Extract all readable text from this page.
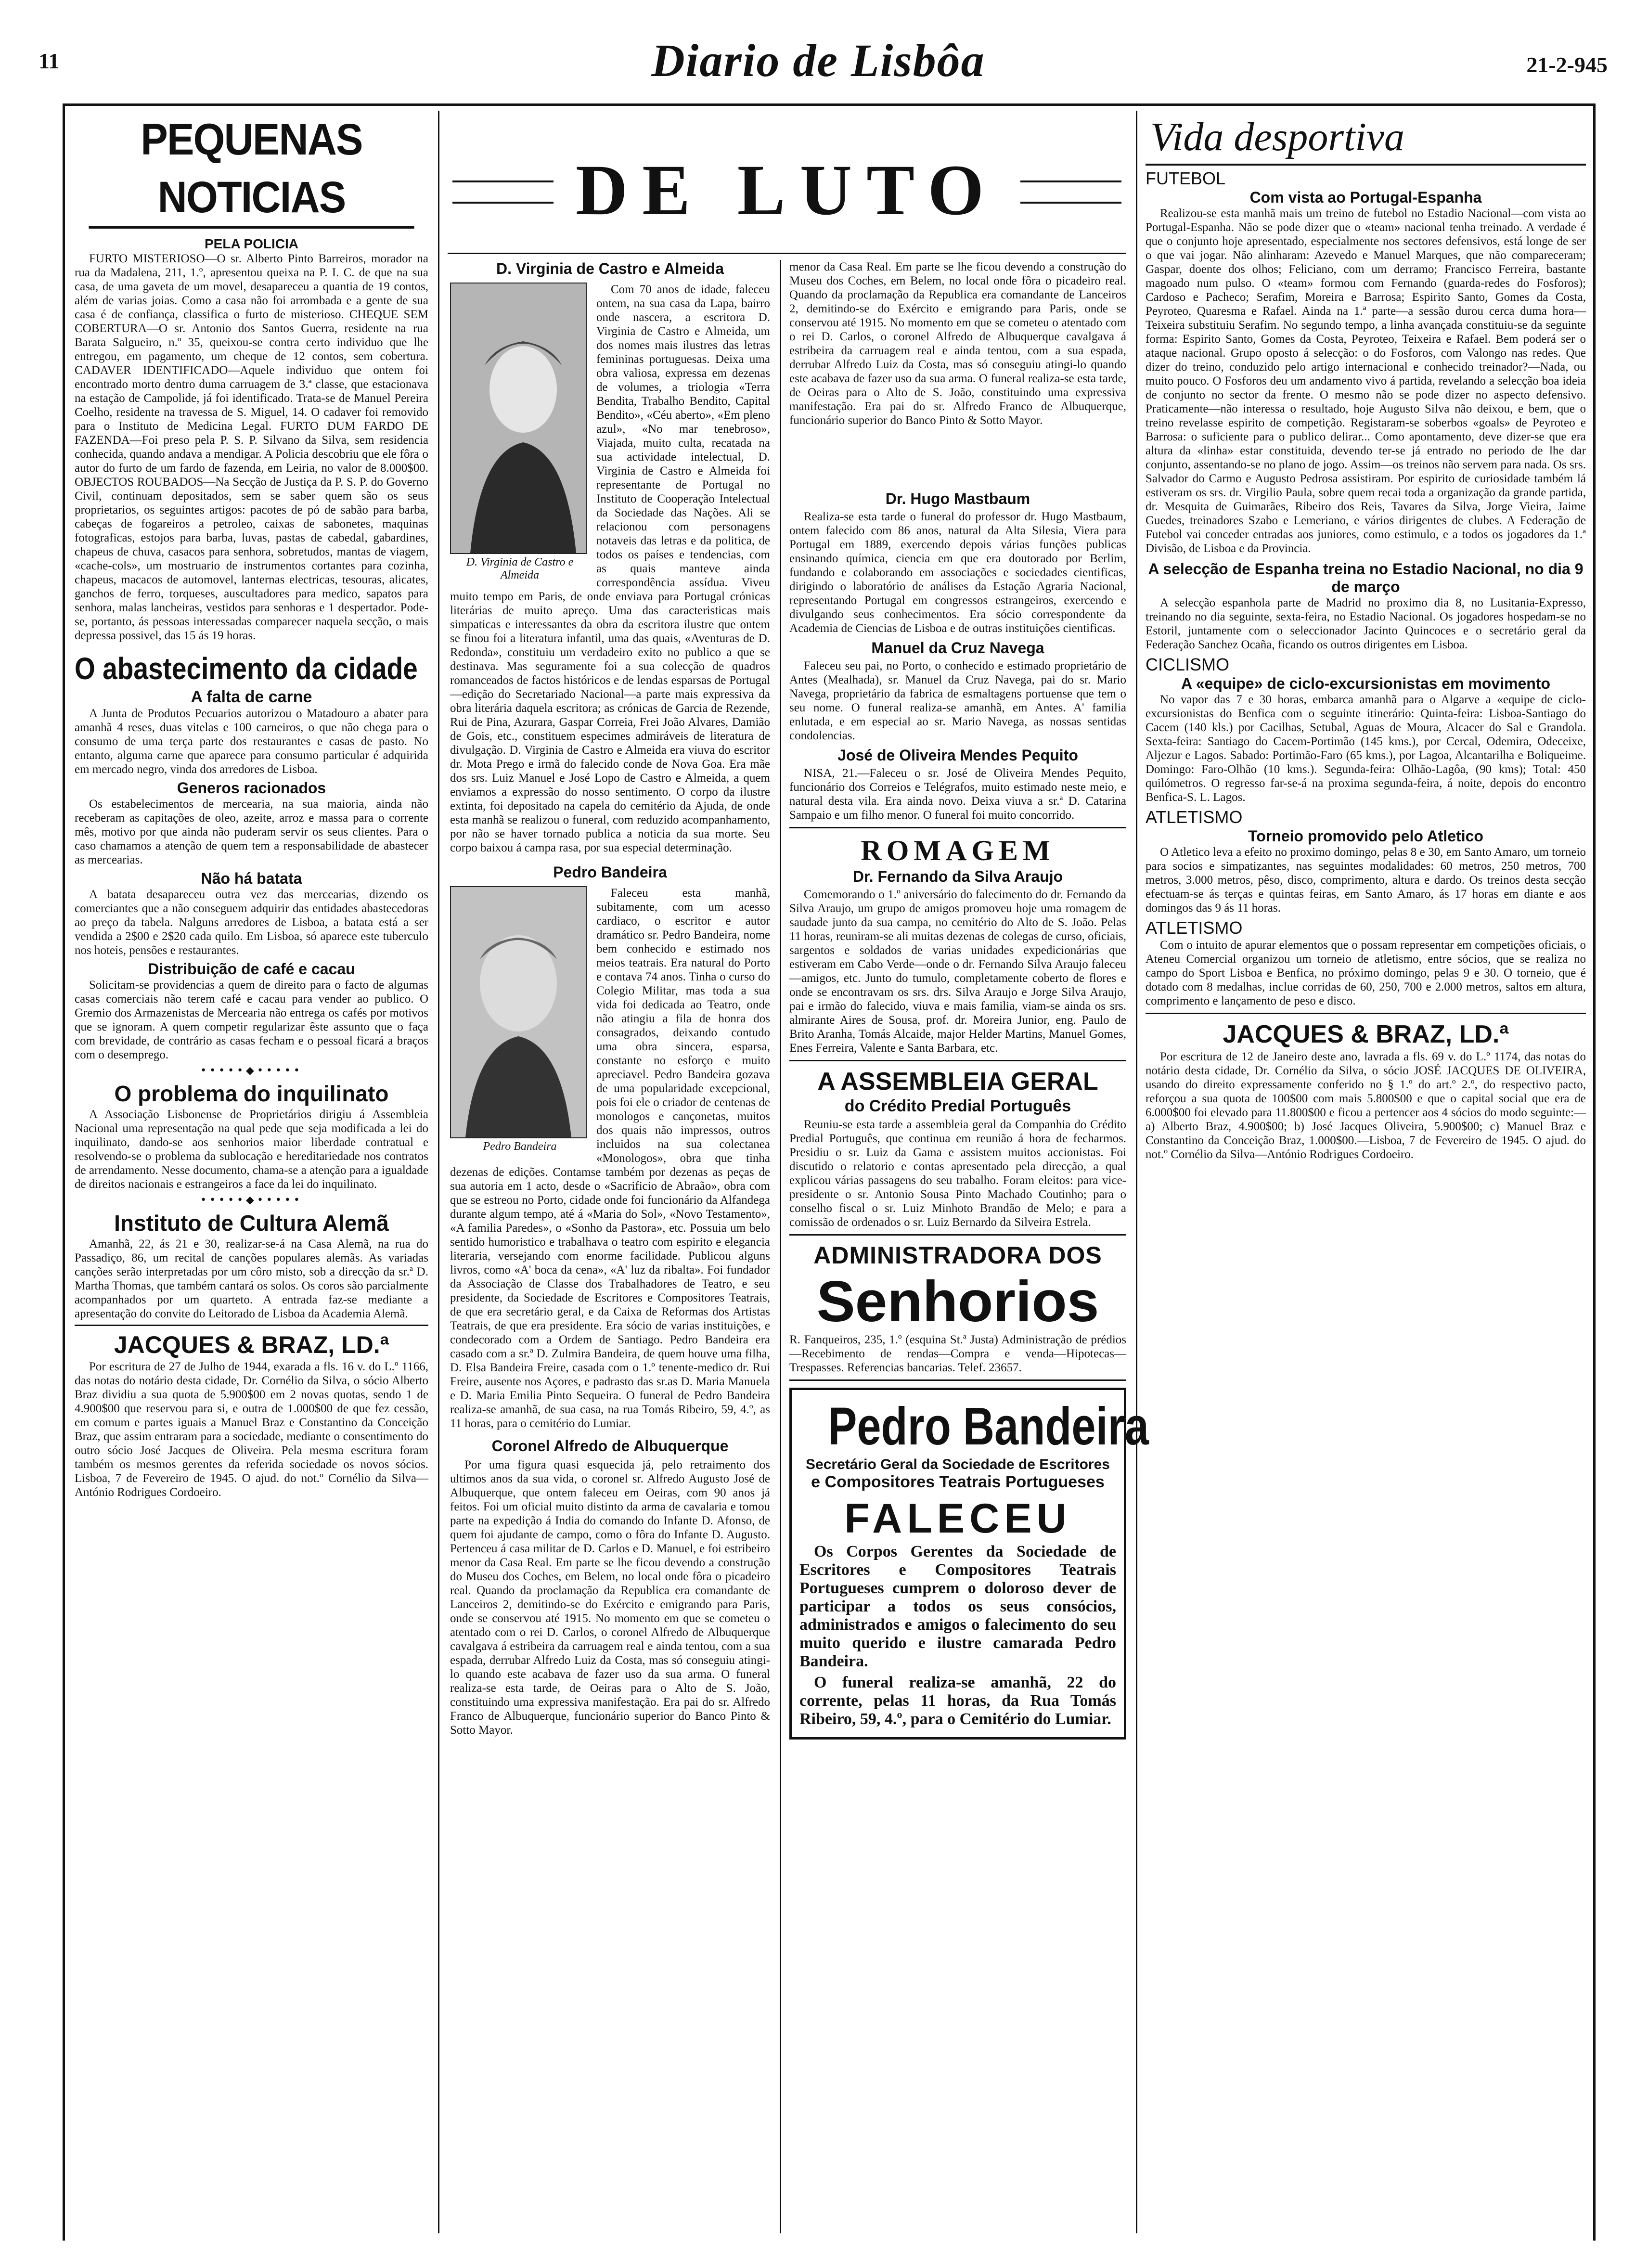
11	Diario de Lisbôa	21-2-945
PEQUENAS NOTICIAS
PELA POLICIA

FURTO MISTERIOSO—O sr. Alberto Pinto Barreiros, morador na rua da Madalena, 211, 1.º, apresentou queixa na P. I. C. de que na sua casa, de uma gaveta de um movel, desapareceu a quantia de 19 contos, além de varias joias. Como a casa não foi arrombada e a gente de sua casa é de confiança, classifica o furto de misterioso. CHEQUE SEM COBERTURA—O sr. Antonio dos Santos Guerra, residente na rua Barata Salgueiro, n.º 35, queixou-se contra certo individuo que lhe entregou, em pagamento, um cheque de 12 contos, sem cobertura. CADAVER IDENTIFICADO—Aquele individuo que ontem foi encontrado morto dentro duma carruagem de 3.ª classe, que estacionava na estação de Campolide, já foi identificado. Trata-se de Manuel Pereira Coelho, residente na travessa de S. Miguel, 14. O cadaver foi removido para o Instituto de Medicina Legal. FURTO DUM FARDO DE FAZENDA—Foi preso pela P. S. P. Silvano da Silva, sem residencia conhecida, quando andava a mendigar. A Policia descobriu que ele fôra o autor do furto de um fardo de fazenda, em Leiria, no valor de 8.000$00. OBJECTOS ROUBADOS—Na Secção de Justiça da P. S. P. do Governo Civil, continuam depositados, sem se saber quem são os seus proprietarios, os seguintes artigos: pacotes de pó de sabão para barba, cabeças de fogareiros a petroleo, caixas de sabonetes, maquinas fotograficas, estojos para barba, luvas, pastas de cabedal, gabardines, chapeus de chuva, casacos para senhora, sobretudos, mantas de viagem, «cache-cols», um mostruario de instrumentos cortantes para cozinha, chapeus, macacos de automovel, lanternas electricas, tesouras, alicates, ganchos de ferro, torqueses, auscultadores para medico, sapatos para senhora, malas lancheiras, vestidos para senhoras e 1 despertador. Pode-se, portanto, ás pessoas interessadas comparecer naquela secção, o mais depressa possivel, das 15 ás 19 horas.

O abastecimento da cidade
A falta de carne

A Junta de Produtos Pecuarios autorizou o Matadouro a abater para amanhã 4 reses, duas vitelas e 100 carneiros, o que não chega para o consumo de uma terça parte dos restaurantes e casas de pasto. No entanto, alguma carne que aparece para consumo particular é adquirida em mercado negro, vinda dos arredores de Lisboa.

Generos racionados

Os estabelecimentos de mercearia, na sua maioria, ainda não receberam as capitações de oleo, azeite, arroz e massa para o corrente mês, motivo por que ainda não puderam servir os seus clientes. Para o caso chamamos a atenção de quem tem a responsabilidade de abastecer as mercearias.

Não há batata

A batata desapareceu outra vez das mercearias, dizendo os comerciantes que a não conseguem adquirir das entidades abastecedoras ao preço da tabela. Nalguns arredores de Lisboa, a batata está a ser vendida a 2$00 e 2$20 cada quilo. Em Lisboa, só aparece este tuberculo nos hoteis, pensões e restaurantes.

Distribuição de café e cacau

Solicitam-se providencias a quem de direito para o facto de algumas casas comerciais não terem café e cacau para vender ao publico. O Gremio dos Armazenistas de Mercearia não entrega os cafés por motivos que se ignoram. A quem competir regularizar êste assunto que o faça com brevidade, de contrário as casas fecham e o pessoal ficará a braços com o desemprego.

•••••◆•••••
O problema do inquilinato

A Associação Lisbonense de Proprietários dirigiu á Assembleia Nacional uma representação na qual pede que seja modificada a lei do inquilinato, dando-se aos senhorios maior liberdade contratual e resolvendo-se o problema da sublocação e hereditariedade nos contratos de arrendamento. Nesse documento, chama-se a atenção para a igualdade de direitos nacionais e estrangeiros a face da lei do inquilinato.

•••••◆•••••
Instituto de Cultura Alemã

Amanhã, 22, ás 21 e 30, realizar-se-á na Casa Alemã, na rua do Passadiço, 86, um recital de canções populares alemãs. As variadas canções serão interpretadas por um côro misto, sob a direcção da sr.ª D. Martha Thomas, que também cantará os solos. Os coros são parcialmente acompanhados por um quarteto. A entrada faz-se mediante a apresentação do convite do Leitorado de Lisboa da Academia Alemã.

JACQUES & BRAZ, LD.ª

Por escritura de 27 de Julho de 1944, exarada a fls. 16 v. do L.º 1166, das notas do notário desta cidade, Dr. Cornélio da Silva, o sócio Alberto Braz dividiu a sua quota de 5.900$00 em 2 novas quotas, sendo 1 de 4.900$00 que reservou para si, e outra de 1.000$00 de que fez cessão, em comum e partes iguais a Manuel Braz e Constantino da Conceição Braz, que assim entraram para a sociedade, mediante o consentimento do outro sócio José Jacques de Oliveira. Pela mesma escritura foram também os mesmos gerentes da referida sociedade os novos sócios. Lisboa, 7 de Fevereiro de 1945. O ajud. do not.º Cornélio da Silva—António Rodrigues Cordoeiro.

DE LUTO
D. Virginia de Castro e Almeida
D. Virginia de Castro e Almeida

Com 70 anos de idade, faleceu ontem, na sua casa da Lapa, bairro onde nascera, a escritora D. Virginia de Castro e Almeida, um dos nomes mais ilustres das letras femininas portuguesas. Deixa uma obra valiosa, expressa em dezenas de volumes, a triologia «Terra Bendita, Trabalho Bendito, Capital Bendito», «Céu aberto», «Em pleno azul», «No mar tenebroso», Viajada, muito culta, recatada na sua actividade intelectual, D. Virginia de Castro e Almeida foi representante de Portugal no Instituto de Cooperação Intelectual da Sociedade das Nações. Ali se relacionou com personagens notaveis das letras e da politica, de todos os países e tendencias, com as quais manteve ainda correspondência assídua. Viveu muito tempo em Paris, de onde enviava para Portugal crónicas literárias de muito apreço. Uma das caracteristicas mais simpaticas e interessantes da obra da escritora ilustre que ontem se finou foi a literatura infantil, uma das quais, «Aventuras de D. Redonda», constituiu um verdadeiro exito no publico a que se destinava. Mas seguramente foi a sua colecção de quadros romanceados de factos históricos e de lendas esparsas de Portugal—edição do Secretariado Nacional—a parte mais expressiva da obra literária daquela escritora; as crónicas de Garcia de Rezende, Rui de Pina, Azurara, Gaspar Correia, Frei João Alvares, Damião de Gois, etc., constituem especimes admiráveis de literatura de divulgação. D. Virginia de Castro e Almeida era viuva do escritor dr. Mota Prego e irmã do falecido conde de Nova Goa. Era mãe dos srs. Luiz Manuel e José Lopo de Castro e Almeida, a quem enviamos a expressão do nosso sentimento. O corpo da ilustre extinta, foi depositado na capela do cemitério da Ajuda, de onde esta manhã se realizou o funeral, com reduzido acompanhamento, por não se haver tornado publica a noticia da sua morte. Seu corpo baixou á campa rasa, por sua especial determinação.

Pedro Bandeira
Pedro Bandeira

Faleceu esta manhã, subitamente, com um acesso cardiaco, o escritor e autor dramático sr. Pedro Bandeira, nome bem conhecido e estimado nos meios teatrais. Era natural do Porto e contava 74 anos. Tinha o curso do Colegio Militar, mas toda a sua vida foi dedicada ao Teatro, onde não atingiu a fila de honra dos consagrados, deixando contudo uma obra sincera, esparsa, constante no esforço e muito apreciavel. Pedro Bandeira gozava de uma popularidade excepcional, pois foi ele o criador de centenas de monologos e cançonetas, muitos dos quais não impressos, outros incluidos na sua colectanea «Monologos», obra que tinha dezenas de edições. Contamse também por dezenas as peças de sua autoria em 1 acto, desde o «Sacrificio de Abraão», obra com que se estreou no Porto, cidade onde foi funcionário da Alfandega durante algum tempo, até á «Maria do Sol», «Novo Testamento», «A familia Paredes», o «Sonho da Pastora», etc. Possuia um belo sentido humoristico e trabalhava o teatro com espirito e elegancia literaria, versejando com enorme facilidade. Publicou alguns livros, como «A' boca da cena», «A' luz da ribalta». Foi fundador da Associação de Classe dos Trabalhadores de Teatro, e seu presidente, da Sociedade de Escritores e Compositores Teatrais, de que era secretário geral, e da Caixa de Reformas dos Artistas Teatrais, de que era presidente. Era sócio de varias instituições, e condecorado com a Ordem de Santiago. Pedro Bandeira era casado com a sr.ª D. Zulmira Bandeira, de quem houve uma filha, D. Elsa Bandeira Freire, casada com o 1.º tenente-medico dr. Rui Freire, ausente nos Açores, e padrasto das sr.as D. Maria Manuela e D. Maria Emilia Pinto Sequeira. O funeral de Pedro Bandeira realiza-se amanhã, de sua casa, na rua Tomás Ribeiro, 59, 4.º, as 11 horas, para o cemitério do Lumiar.

Coronel Alfredo de Albuquerque

Por uma figura quasi esquecida já, pelo retraimento dos ultimos anos da sua vida, o coronel sr. Alfredo Augusto José de Albuquerque, que ontem faleceu em Oeiras, com 90 anos já feitos. Foi um oficial muito distinto da arma de cavalaria e tomou parte na expedição á India do comando do Infante D. Afonso, de quem foi ajudante de campo, como o fôra do Infante D. Augusto. Pertenceu á casa militar de D. Carlos e D. Manuel, e foi estribeiro menor da Casa Real. Em parte se lhe ficou devendo a construção do Museu dos Coches, em Belem, no local onde fôra o picadeiro real. Quando da proclamação da Republica era comandante de Lanceiros 2, demitindo-se do Exército e emigrando para Paris, onde se conservou até 1915. No momento em que se cometeu o atentado com o rei D. Carlos, o coronel Alfredo de Albuquerque cavalgava á estribeira da carruagem real e ainda tentou, com a sua espada, derrubar Alfredo Luiz da Costa, mas só conseguiu atingi-lo quando este acabava de fazer uso da sua arma. O funeral realiza-se esta tarde, de Oeiras para o Alto de S. João, constituindo uma expressiva manifestação. Era pai do sr. Alfredo Franco de Albuquerque, funcionário superior do Banco Pinto & Sotto Mayor.

menor da Casa Real. Em parte se lhe ficou devendo a construção do Museu dos Coches, em Belem, no local onde fôra o picadeiro real. Quando da proclamação da Republica era comandante de Lanceiros 2, demitindo-se do Exército e emigrando para Paris, onde se conservou até 1915. No momento em que se cometeu o atentado com o rei D. Carlos, o coronel Alfredo de Albuquerque cavalgava á estribeira da carruagem real e ainda tentou, com a sua espada, derrubar Alfredo Luiz da Costa, mas só conseguiu atingi-lo quando este acabava de fazer uso da sua arma. O funeral realiza-se esta tarde, de Oeiras para o Alto de S. João, constituindo uma expressiva manifestação. Era pai do sr. Alfredo Franco de Albuquerque, funcionário superior do Banco Pinto & Sotto Mayor.

Dr. Hugo Mastbaum

Realiza-se esta tarde o funeral do professor dr. Hugo Mastbaum, ontem falecido com 86 anos, natural da Alta Silesia, Viera para Portugal em 1889, exercendo depois várias funções publicas ensinando química, ciencia em que era doutorado por Berlim, fundando e colaborando em associações e sociedades cientificas, dirigindo o laboratório de análises da Estação Agraria Nacional, representando Portugal em congressos estrangeiros, exercendo e divulgando seus conhecimentos. Era sócio correspondente da Academia de Ciencias de Lisboa e de outras instituições cientificas.

Manuel da Cruz Navega

Faleceu seu pai, no Porto, o conhecido e estimado proprietário de Antes (Mealhada), sr. Manuel da Cruz Navega, pai do sr. Mario Navega, proprietário da fabrica de esmaltagens portuense que tem o seu nome. O funeral realiza-se amanhã, em Antes. A' familia enlutada, e em especial ao sr. Mario Navega, as nossas sentidas condolencias.

José de Oliveira Mendes Pequito

NISA, 21.—Faleceu o sr. José de Oliveira Mendes Pequito, funcionário dos Correios e Telégrafos, muito estimado neste meio, e natural desta vila. Era ainda novo. Deixa viuva a sr.ª D. Catarina Sampaio e um filho menor. O funeral foi muito concorrido.

ROMAGEM
Dr. Fernando da Silva Araujo

Comemorando o 1.º aniversário do falecimento do dr. Fernando da Silva Araujo, um grupo de amigos promoveu hoje uma romagem de saudade junto da sua campa, no cemitério do Alto de S. João. Pelas 11 horas, reuniram-se ali muitas dezenas de colegas de curso, oficiais, sargentos e soldados de varias unidades expedicionárias que estiveram em Cabo Verde—onde o dr. Fernando Silva Araujo faleceu—amigos, etc. Junto do tumulo, completamente coberto de flores e onde se encontravam os srs. drs. Silva Araujo e Jorge Silva Araujo, pai e irmão do falecido, viuva e mais familia, viam-se ainda os srs. almirante Aires de Sousa, prof. dr. Moreira Junior, eng. Paulo de Brito Aranha, Tomás Alcaide, major Helder Martins, Manuel Gomes, Enes Ferreira, Valente e Santa Barbara, etc.

A ASSEMBLEIA GERAL
do Crédito Predial Português

Reuniu-se esta tarde a assembleia geral da Companhia do Crédito Predial Português, que continua em reunião á hora de fecharmos. Presidiu o sr. Luiz da Gama e assistem muitos accionistas. Foi discutido o relatorio e contas apresentado pela direcção, a qual explicou várias passagens do seu trabalho. Foram eleitos: para vice-presidente o sr. Antonio Sousa Pinto Machado Coutinho; para o conselho fiscal o sr. Luiz Minhoto Brandão de Melo; e para a comissão de ordenados o sr. Luiz Bernardo da Silveira Estrela.

ADMINISTRADORA DOS
Senhorios

R. Fanqueiros, 235, 1.º (esquina St.ª Justa) Administração de prédios—Recebimento de rendas—Compra e venda—Hipotecas—Trespasses. Referencias bancarias. Telef. 23657.

Pedro Bandeira
Secretário Geral da Sociedade de Escritores
e Compositores Teatrais Portugueses
FALECEU

Os Corpos Gerentes da Sociedade de Escritores e Compositores Teatrais Portugueses cumprem o doloroso dever de participar a todos os seus consócios, administrados e amigos o falecimento do seu muito querido e ilustre camarada Pedro Bandeira.

O funeral realiza-se amanhã, 22 do corrente, pelas 11 horas, da Rua Tomás Ribeiro, 59, 4.º, para o Cemitério do Lumiar.

Vida desportiva
FUTEBOL
Com vista ao Portugal-Espanha

Realizou-se esta manhã mais um treino de futebol no Estadio Nacional—com vista ao Portugal-Espanha. Não se pode dizer que o «team» nacional tenha treinado. A verdade é que o conjunto hoje apresentado, especialmente nos sectores defensivos, está longe de ser o que vai jogar. Não alinharam: Azevedo e Manuel Marques, que não compareceram; Gaspar, doente dos olhos; Feliciano, com um derramo; Francisco Ferreira, bastante magoado num pulso. O «team» formou com Fernando (guarda-redes do Fosforos); Cardoso e Pacheco; Serafim, Moreira e Barrosa; Espirito Santo, Gomes da Costa, Peyroteo, Quaresma e Rafael. Ainda na 1.ª parte—a sessão durou cerca duma hora—Teixeira substituiu Serafim. No segundo tempo, a linha avançada constituiu-se da seguinte forma: Espirito Santo, Gomes da Costa, Peyroteo, Teixeira e Rafael. Bem poderá ser o ataque nacional. Grupo oposto á selecção: o do Fosforos, com Valongo nas redes. Que dizer do treino, conduzido pelo artigo internacional e conhecido treinador?—Nada, ou muito pouco. O Fosforos deu um andamento vivo á partida, revelando a selecção boa ideia de conjunto no sector da frente. O mesmo não se pode dizer no aspecto defensivo. Praticamente—não interessa o resultado, hoje Augusto Silva não deixou, e bem, que o treino revelasse espirito de competição. Registaram-se soberbos «goals» de Peyroteo e Barrosa: o suficiente para o publico delirar... Como apontamento, deve dizer-se que era altura da «linha» estar constituida, devendo ter-se já entrado no periodo de lhe dar conjunto, assentando-se no plano de jogo. Assim—os treinos não servem para nada. Os srs. Salvador do Carmo e Augusto Pedrosa assistiram. Por espirito de curiosidade também lá estiveram os srs. dr. Virgilio Paula, sobre quem recai toda a organização da grande partida, dr. Mesquita de Guimarães, Ribeiro dos Reis, Tavares da Silva, Jorge Vieira, Jaime Guedes, treinadores Szabo e Lemeriano, e vários dirigentes de clubes. A Federação de Futebol vai conceder entradas aos juniores, como estimulo, e a todos os jogadores da 1.ª Divisão, de Lisboa e da Provincia.

A selecção de Espanha treina no Estadio Nacional, no dia 9 de março

A selecção espanhola parte de Madrid no proximo dia 8, no Lusitania-Expresso, treinando no dia seguinte, sexta-feira, no Estadio Nacional. Os jogadores hospedam-se no Estoril, juntamente com o seleccionador Jacinto Quincoces e o secretário geral da Federação Sanchez Ocaña, ficando os outros dirigentes em Lisboa.

CICLISMO
A «equipe» de ciclo-excursionistas em movimento

No vapor das 7 e 30 horas, embarca amanhã para o Algarve a «equipe de ciclo-excursionistas do Benfica com o seguinte itinerário: Quinta-feira: Lisboa-Santiago do Cacem (140 kls.) por Cacilhas, Setubal, Aguas de Moura, Alcacer do Sal e Grandola. Sexta-feira: Santiago do Cacem-Portimão (145 kms.), por Cercal, Odemira, Odeceixe, Aljezur e Lagos. Sabado: Portimão-Faro (65 kms.), por Lagoa, Alcantarilha e Boliqueime. Domingo: Faro-Olhão (10 kms.). Segunda-feira: Olhão-Lagôa, (90 kms); Total: 450 quilómetros. O regresso far-se-á na proxima segunda-feira, á noite, depois do encontro Benfica-S. L. Lagos.

ATLETISMO
Torneio promovido pelo Atletico

O Atletico leva a efeito no proximo domingo, pelas 8 e 30, em Santo Amaro, um torneio para socios e simpatizantes, nas seguintes modalidades: 60 metros, 250 metros, 700 metros, 3.000 metros, pêso, disco, comprimento, altura e dardo. Os treinos desta secção efectuam-se ás terças e quintas feiras, em Santo Amaro, ás 17 horas em diante e aos domingos das 9 ás 11 horas.

ATLETISMO

Com o intuito de apurar elementos que o possam representar em competições oficiais, o Ateneu Comercial organizou um torneio de atletismo, entre sócios, que se realiza no campo do Sport Lisboa e Benfica, no próximo domingo, pelas 9 e 30. O torneio, que é dotado com 8 medalhas, inclue corridas de 60, 250, 700 e 2.000 metros, saltos em altura, comprimento e lançamento de peso e disco.

JACQUES & BRAZ, LD.ª

Por escritura de 12 de Janeiro deste ano, lavrada a fls. 69 v. do L.º 1174, das notas do notário desta cidade, Dr. Cornélio da Silva, o sócio JOSÉ JACQUES DE OLIVEIRA, usando do direito expressamente conferido no § 1.º do art.º 2.º, do respectivo pacto, reforçou a sua quota de 100$00 com mais 5.800$00 e que o capital social que era de 6.000$00 foi elevado para 11.800$00 e ficou a pertencer aos 4 sócios do modo seguinte:—a) Alberto Braz, 4.900$00; b) José Jacques Oliveira, 5.900$00; c) Manuel Braz e Constantino da Conceição Braz, 1.000$00.—Lisboa, 7 de Fevereiro de 1945. O ajud. do not.º Cornélio da Silva—António Rodrigues Cordoeiro.
